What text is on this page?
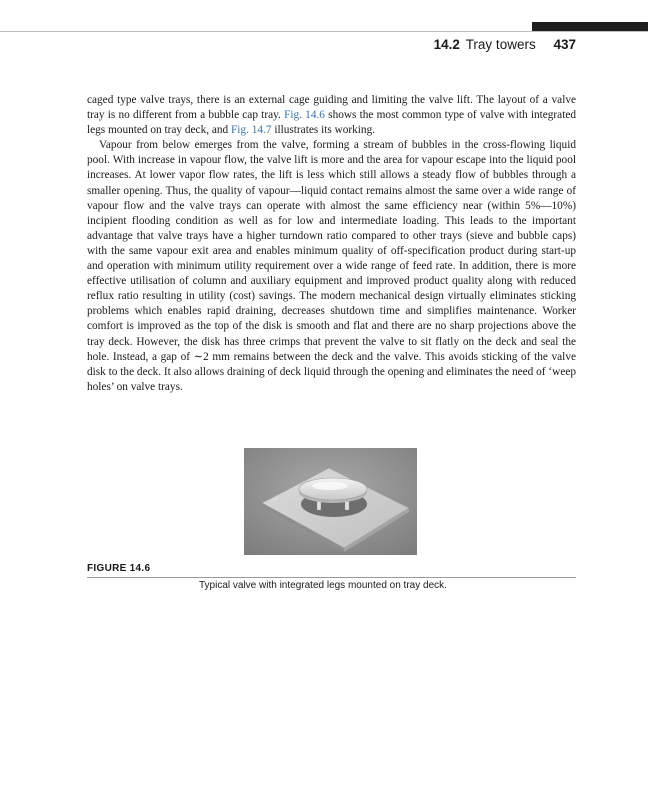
14.2 Tray towers 437

caged type valve trays, there is an external cage guiding and limiting the valve lift. The layout of a valve tray is no different from a bubble cap tray. Fig. 14.6 shows the most common type of valve with integrated legs mounted on tray deck, and Fig. 14.7 illustrates its working.

Vapour from below emerges from the valve, forming a stream of bubbles in the cross-flowing liquid pool. With increase in vapour flow, the valve lift is more and the area for vapour escape into the liquid pool increases. At lower vapor flow rates, the lift is less which still allows a steady flow of bubbles through a smaller opening. Thus, the quality of vapour—liquid contact remains almost the same over a wide range of vapour flow and the valve trays can operate with almost the same efficiency near (within 5%—10%) incipient flooding condition as well as for low and intermediate loading. This leads to the important advantage that valve trays have a higher turndown ratio compared to other trays (sieve and bubble caps) with the same vapour exit area and enables minimum quality of off-specification product during start-up and operation with minimum utility requirement over a wide range of feed rate. In addition, there is more effective utilisation of column and auxiliary equipment and improved product quality along with reduced reflux ratio resulting in utility (cost) savings. The modern mechanical design virtually eliminates sticking problems which enables rapid draining, decreases shutdown time and simplifies maintenance. Worker comfort is improved as the top of the disk is smooth and flat and there are no sharp projections above the tray deck. However, the disk has three crimps that prevent the valve to sit flatly on the deck and seal the hole. Instead, a gap of ∼2 mm remains between the deck and the valve. This avoids sticking of the valve disk to the deck. It also allows draining of deck liquid through the opening and eliminates the need of ‘weep holes’ on valve trays.

FIGURE 14.6
Typical valve with integrated legs mounted on tray deck.
